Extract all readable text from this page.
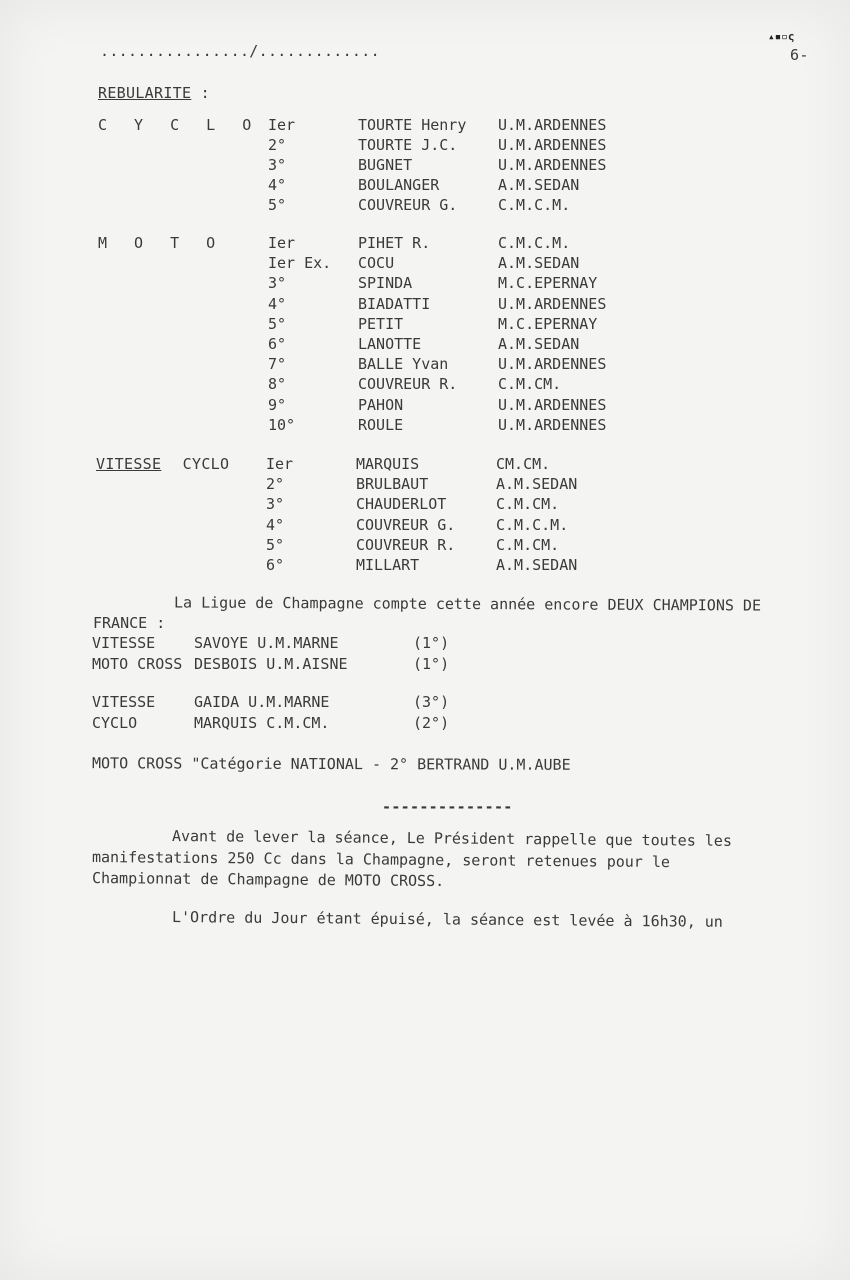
................/.............
▴▪▫ς
6-
REBULARITE :
C Y C L O Ier	TOURTE Henry U.M.ARDENNES
2°	TOURTE J.C.	U.M.ARDENNES
3°	BUGNET	U.M.ARDENNES
4°	BOULANGER	A.M.SEDAN
5°	COUVREUR G.	C.M.C.M.
M O T O	Ier	PIHET R.	C.M.C.M.
Ier Ex. COCU	A.M.SEDAN
3°	SPINDA	M.C.EPERNAY
4°	BIADATTI	U.M.ARDENNES
5°	PETIT	M.C.EPERNAY
6°	LANOTTE	A.M.SEDAN
7°	BALLE Yvan	U.M.ARDENNES
8°	COUVREUR R.	C.M.CM.
9°	PAHON	U.M.ARDENNES
10°	ROULE	U.M.ARDENNES
VITESSE CYCLO Ier	MARQUIS	CM.CM.
2°	BRULBAUT	A.M.SEDAN
3°	CHAUDERLOT	C.M.CM.
4°	COUVREUR G.	C.M.C.M.
5°	COUVREUR R.	C.M.CM.
6°	MILLART	A.M.SEDAN
La Ligue de Champagne compte cette année encore DEUX CHAMPIONS DE
FRANCE :
VITESSE	SAVOYE U.M.MARNE	(1°)
MOTO CROSS DESBOIS U.M.AISNE	(1°)
VITESSE	GAIDA U.M.MARNE	(3°)
CYCLO	MARQUIS C.M.CM.	(2°)
MOTO CROSS "Catégorie NATIONAL - 2° BERTRAND U.M.AUBE
--------------
Avant de lever la séance, Le Président rappelle que toutes les
manifestations 250 Cc dans la Champagne, seront retenues pour le
Championnat de Champagne de MOTO CROSS.
L'Ordre du Jour étant épuisé, la séance est levée à 16h30, un
